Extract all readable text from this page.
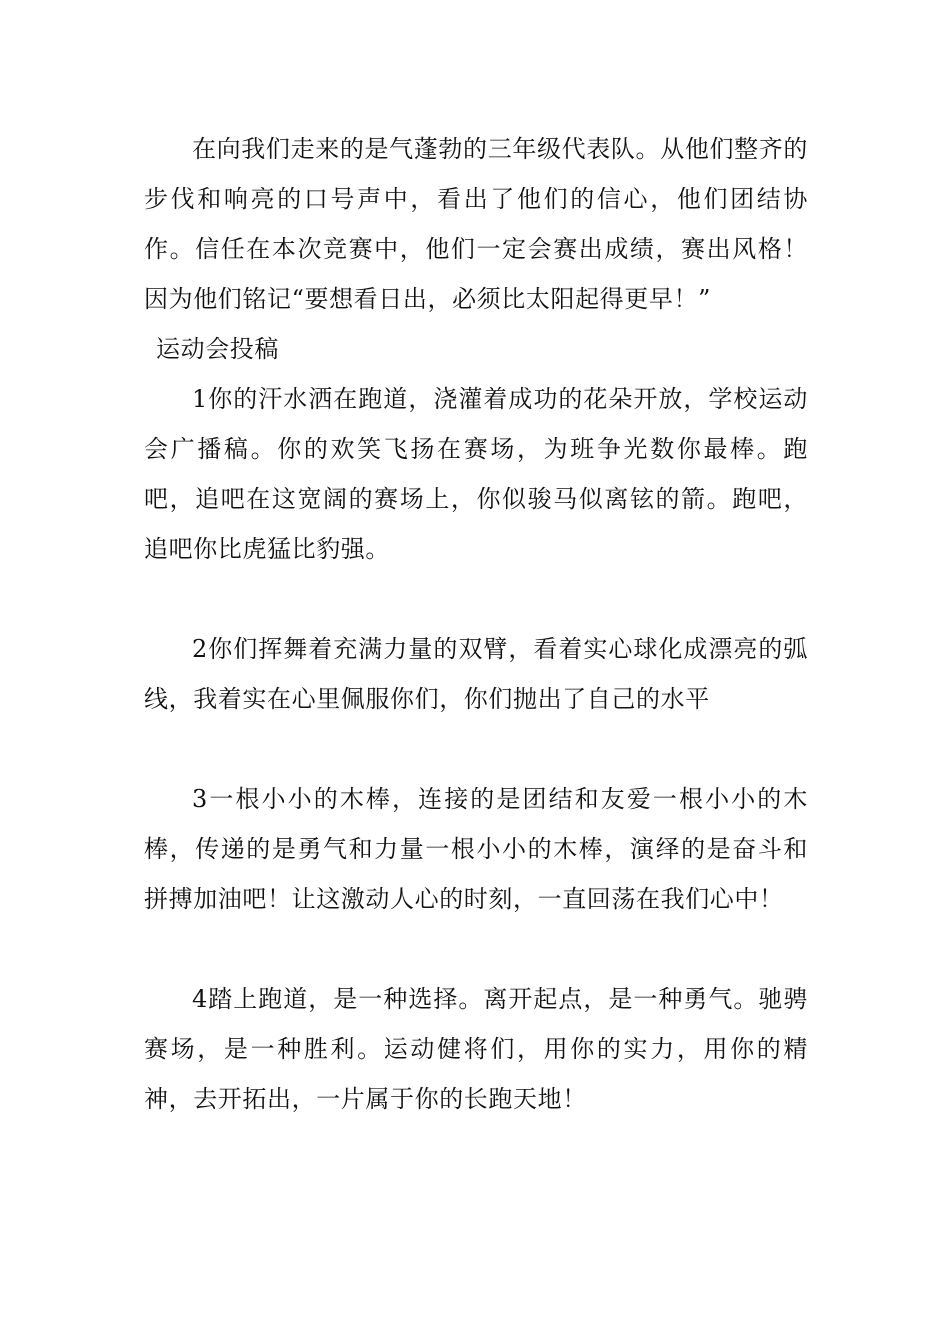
在向我们走来的是气蓬勃的三年级代表队。从他们整齐的步伐和响亮的口号声中，看出了他们的信心，他们团结协作。信任在本次竞赛中，他们一定会赛出成绩，赛出风格！因为他们铭记“要想看日出，必须比太阳起得更早！”

运动会投稿

1你的汗水洒在跑道，浇灌着成功的花朵开放，学校运动会广播稿。你的欢笑飞扬在赛场，为班争光数你最棒。跑吧，追吧在这宽阔的赛场上，你似骏马似离铉的箭。跑吧，追吧你比虎猛比豹强。

2你们挥舞着充满力量的双臂，看着实心球化成漂亮的弧线，我着实在心里佩服你们，你们抛出了自己的水平

3一根小小的木棒，连接的是团结和友爱一根小小的木棒，传递的是勇气和力量一根小小的木棒，演绎的是奋斗和拼搏加油吧！让这激动人心的时刻，一直回荡在我们心中！

4踏上跑道，是一种选择。离开起点，是一种勇气。驰骋赛场，是一种胜利。运动健将们，用你的实力，用你的精神，去开拓出，一片属于你的长跑天地！
